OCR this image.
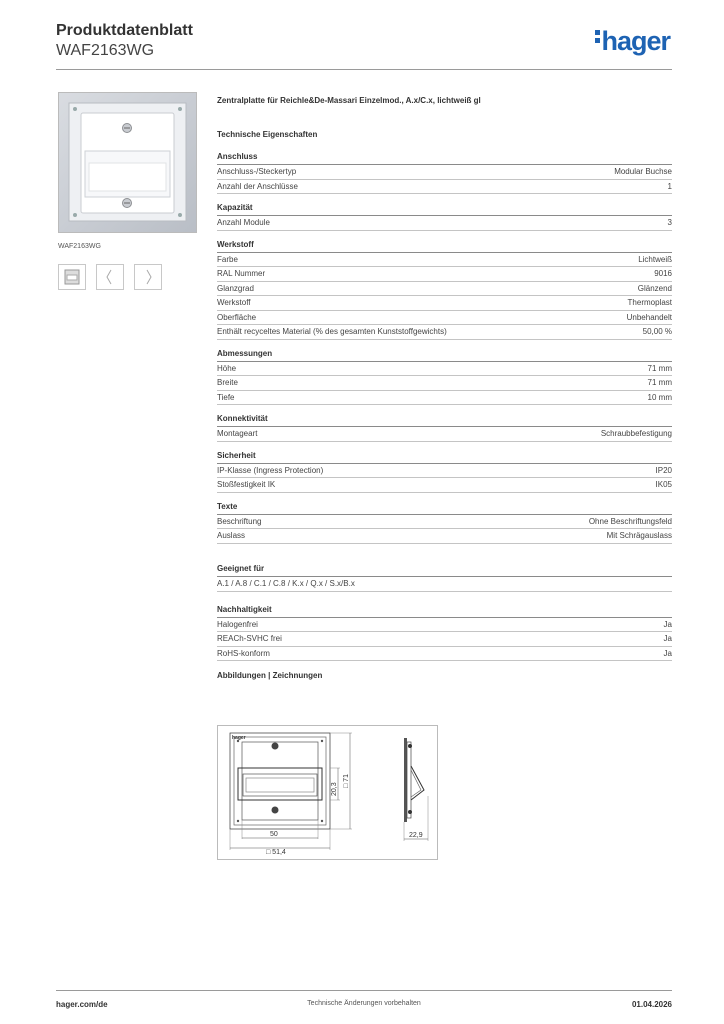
Produktdatenblatt
WAF2163WG	hager
WAF2163WG
Zentralplatte für Reichle&De-Massari Einzelmod., A.x/C.x, lichtweiß gl
Technische Eigenschaften
Anschluss
Anschluss-/Steckertyp	Modular Buchse
Anzahl der Anschlüsse	1
Kapazität
Anzahl Module	3
Werkstoff
Farbe	Lichtweiß
RAL Nummer	9016
Glanzgrad	Glänzend
Werkstoff	Thermoplast
Oberfläche	Unbehandelt
Enthält recyceltes Material (% des gesamten Kunststoffgewichts)	50,00 %
Abmessungen
Höhe	71 mm
Breite	71 mm
Tiefe	10 mm
Konnektivität
Montageart	Schraubbefestigung
Sicherheit
IP-Klasse (Ingress Protection)	IP20
Stoßfestigkeit IK	IK05
Texte
Beschriftung	Ohne Beschriftungsfeld
Auslass	Mit Schrägauslass
Geeignet für
A.1 / A.8 / C.1 / C.8 / K.x / Q.x / S.x/B.x
Nachhaltigkeit
Halogenfrei	Ja
REACh-SVHC frei	Ja
RoHS-konform	Ja
Abbildungen | Zeichnungen
hager
50
□ 51,4
20,3
□ 71
22,9
Technische Änderungen vorbehalten
hager.com/de	01.04.2026
